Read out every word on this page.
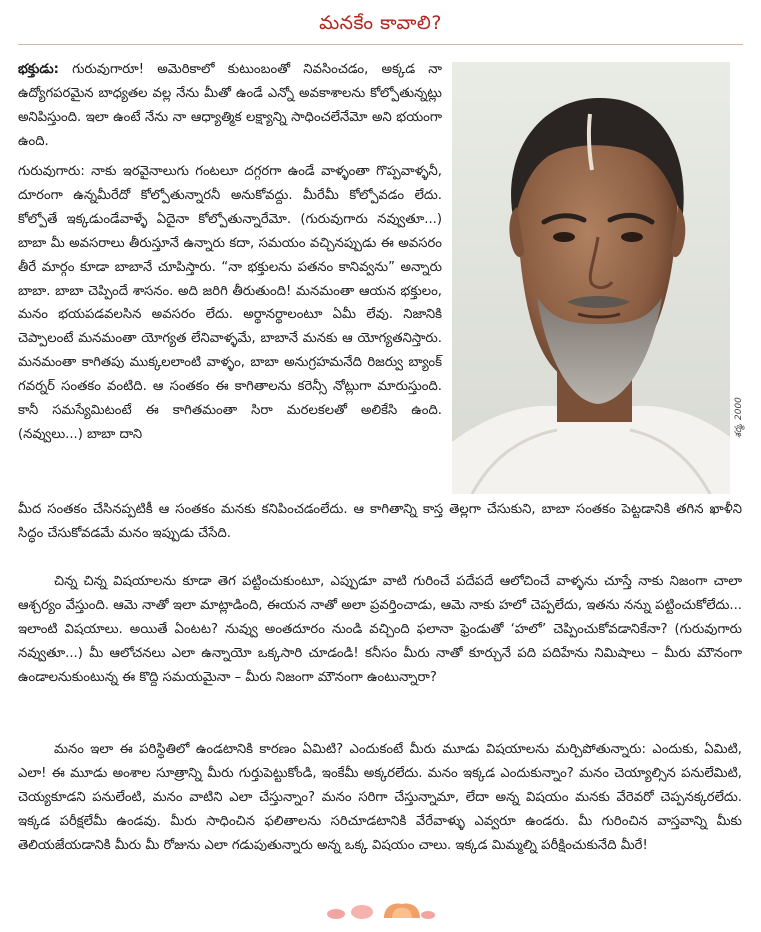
మనకేం కావాలి?

భక్తుడు: గురువుగారూ! అమెరికాలో కుటుంబంతో నివసించడం, అక్కడ నా ఉద్యోగపరమైన బాధ్యతల వల్ల నేను మీతో ఉండే ఎన్నో అవకాశాలను కోల్పోతున్నట్లు అనిపిస్తుంది. ఇలా ఉంటే నేను నా ఆధ్యాత్మిక లక్ష్యాన్ని సాధించలేనేమో అని భయంగా ఉంది.

గురువుగారు: నాకు ఇరవైనాలుగు గంటలూ దగ్గరగా ఉండే వాళ్ళంతా గొప్పవాళ్ళనీ, దూరంగా ఉన్నమీరేదో కోల్పోతున్నారనీ అనుకోవద్దు. మీరేమీ కోల్పోవడం లేదు. కోల్పోతే ఇక్కడుండేవాళ్ళే ఏదైనా కోల్పోతున్నారేమో. (గురువుగారు నవ్వుతూ...) బాబా మీ అవసరాలు తీరుస్తూనే ఉన్నారు కదా, సమయం వచ్చినప్పుడు ఈ అవసరం తీరే మార్గం కూడా బాబానే చూపిస్తారు. “నా భక్తులను పతనం కానివ్వను” అన్నారు బాబా. బాబా చెప్పిందే శాసనం. అది జరిగి తీరుతుంది! మనమంతా ఆయన భక్తులం, మనం భయపడవలసిన అవసరం లేదు. అర్థానర్థాలంటూ ఏమీ లేవు. నిజానికి చెప్పాలంటే మనమంతా యోగ్యత లేనివాళ్ళమే, బాబానే మనకు ఆ యోగ్యతనిస్తారు. మనమంతా కాగితపు ముక్కలలాంటి వాళ్ళం, బాబా అనుగ్రహమనేది రిజర్వు బ్యాంక్ గవర్నర్ సంతకం వంటిది. ఆ సంతకం ఈ కాగితాలను కరెన్సీ నోట్లుగా మారుస్తుంది. కానీ సమస్యేమిటంటే ఈ కాగితమంతా సిరా మరలకలతో అలికేసి ఉంది. (నవ్వులు...) బాబా దాని	శర్మ, 2000

మీద సంతకం చేసినప్పటికీ ఆ సంతకం మనకు కనిపించడంలేదు. ఆ కాగితాన్ని కాస్త తెల్లగా చేసుకుని, బాబా సంతకం పెట్టడానికి తగిన ఖాళీని సిద్ధం చేసుకోవడమే మనం ఇప్పుడు చేసేది.

చిన్న చిన్న విషయాలను కూడా తెగ పట్టించుకుంటూ, ఎప్పుడూ వాటి గురించే పదేపదే ఆలోచించే వాళ్ళను చూస్తే నాకు నిజంగా చాలా ఆశ్చర్యం వేస్తుంది. ఆమె నాతో ఇలా మాట్లాడింది, ఈయన నాతో అలా ప్రవర్తించాడు, ఆమె నాకు హలో చెప్పలేదు, ఇతను నన్ను పట్టించుకోలేదు... ఇలాంటి విషయాలు. అయితే ఏంటట? నువ్వు అంతదూరం నుండి వచ్చింది ఫలానా ఫ్రెండుతో ‘హలో’ చెప్పించుకోవడానికేనా? (గురువుగారు నవ్వుతూ...) మీ ఆలోచనలు ఎలా ఉన్నాయో ఒక్కసారి చూడండి! కనీసం మీరు నాతో కూర్చునే పది పదిహేను నిమిషాలు – మీరు మౌనంగా ఉండాలనుకుంటున్న ఈ కొద్ది సమయమైనా – మీరు నిజంగా మౌనంగా ఉంటున్నారా?

మనం ఇలా ఈ పరిస్థితిలో ఉండటానికి కారణం ఏమిటి? ఎందుకంటే మీరు మూడు విషయాలను మర్చిపోతున్నారు: ఎందుకు, ఏమిటి, ఎలా! ఈ మూడు అంశాల సూత్రాన్ని మీరు గుర్తుపెట్టుకోండి, ఇంకేమీ అక్కరలేదు. మనం ఇక్కడ ఎందుకున్నాం? మనం చెయ్యాల్సిన పనులేమిటి, చెయ్యకూడని పనులేంటి, మనం వాటిని ఎలా చేస్తున్నాం? మనం సరిగా చేస్తున్నామా, లేదా అన్న విషయం మనకు వేరెవరో చెప్పనక్కరలేదు. ఇక్కడ పరీక్షలేమీ ఉండవు. మీరు సాధించిన ఫలితాలను సరిచూడటానికి వేరేవాళ్ళు ఎవ్వరూ ఉండరు. మీ గురించిన వాస్తవాన్ని మీకు తెలియజేయడానికి మీరు మీ రోజును ఎలా గడుపుతున్నారు అన్న ఒక్క విషయం చాలు. ఇక్కడ మిమ్మల్ని పరీక్షించుకునేది మీరే!
